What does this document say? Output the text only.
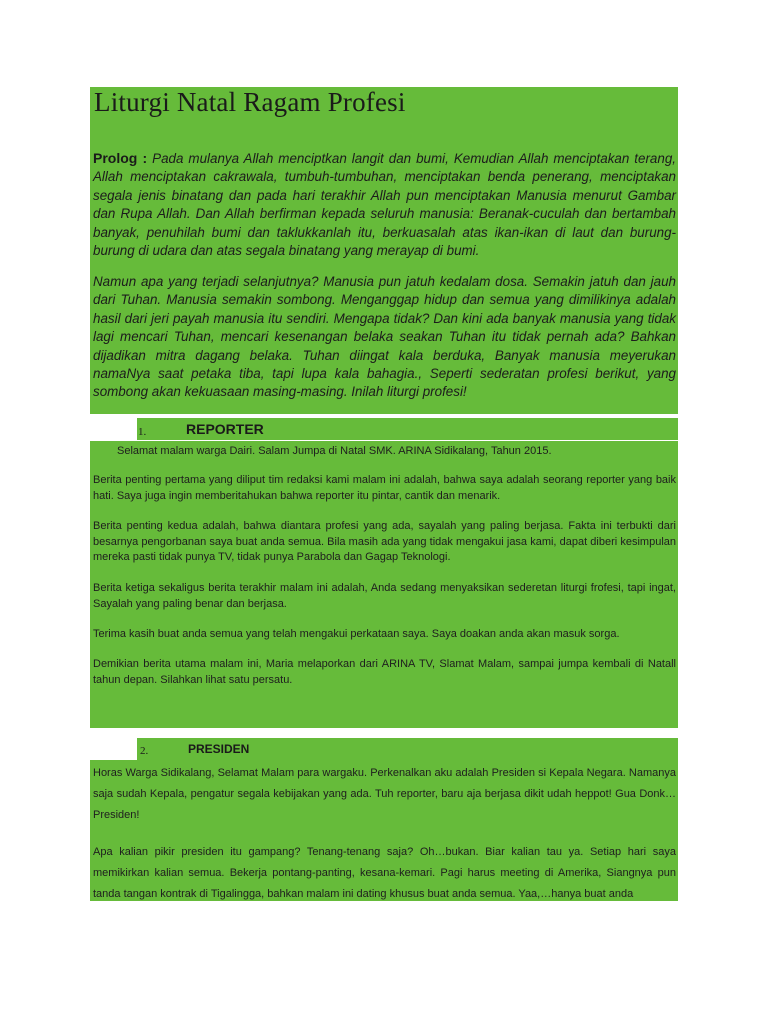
Liturgi Natal Ragam Profesi

Prolog : Pada mulanya Allah menciptkan langit dan bumi, Kemudian Allah menciptakan terang, Allah menciptakan cakrawala, tumbuh-tumbuhan, menciptakan benda penerang, menciptakan segala jenis binatang dan pada hari terakhir Allah pun menciptakan Manusia menurut Gambar dan Rupa Allah. Dan Allah berfirman kepada seluruh manusia: Beranak-cuculah dan bertambah banyak, penuhilah bumi dan taklukkanlah itu, berkuasalah atas ikan-ikan di laut dan burung-burung di udara dan atas segala binatang yang merayap di bumi.

Namun apa yang terjadi selanjutnya? Manusia pun jatuh kedalam dosa. Semakin jatuh dan jauh dari Tuhan. Manusia semakin sombong. Menganggap hidup dan semua yang dimilikinya adalah hasil dari jeri payah manusia itu sendiri. Mengapa tidak? Dan kini ada banyak manusia yang tidak lagi mencari Tuhan, mencari kesenangan belaka seakan Tuhan itu tidak pernah ada? Bahkan dijadikan mitra dagang belaka. Tuhan diingat kala berduka, Banyak manusia meyerukan namaNya saat petaka tiba, tapi lupa kala bahagia., Seperti sederatan profesi berikut, yang sombong akan kekuasaan masing-masing. Inilah liturgi profesi!

1.	REPORTER

Selamat malam warga Dairi. Salam Jumpa di Natal SMK. ARINA Sidikalang, Tahun 2015.

Berita penting pertama yang diliput tim redaksi kami malam ini adalah, bahwa saya adalah seorang reporter yang baik hati. Saya juga ingin memberitahukan bahwa reporter itu pintar, cantik dan menarik.

Berita penting kedua adalah, bahwa diantara profesi yang ada, sayalah yang paling berjasa. Fakta ini terbukti dari besarnya pengorbanan saya buat anda semua. Bila masih ada yang tidak mengakui jasa kami, dapat diberi kesimpulan mereka pasti tidak punya TV, tidak punya Parabola dan Gagap Teknologi.

Berita ketiga sekaligus berita terakhir malam ini adalah, Anda sedang menyaksikan sederetan liturgi frofesi, tapi ingat, Sayalah yang paling benar dan berjasa.

Terima kasih buat anda semua yang telah mengakui perkataan saya. Saya doakan anda akan masuk sorga.

Demikian berita utama malam ini, Maria melaporkan dari ARINA TV, Slamat Malam, sampai jumpa kembali di Natall tahun depan. Silahkan lihat satu persatu.

2.	PRESIDEN

Horas Warga Sidikalang, Selamat Malam para wargaku. Perkenalkan aku adalah Presiden si Kepala Negara. Namanya saja sudah Kepala, pengatur segala kebijakan yang ada. Tuh reporter, baru aja berjasa dikit udah heppot! Gua Donk…Presiden!

Apa kalian pikir presiden itu gampang? Tenang-tenang saja? Oh…bukan. Biar kalian tau ya. Setiap hari saya memikirkan kalian semua. Bekerja pontang-panting, kesana-kemari. Pagi harus meeting di Amerika, Siangnya pun tanda tangan kontrak di Tigalingga, bahkan malam ini dating khusus buat anda semua. Yaa,…hanya buat anda
